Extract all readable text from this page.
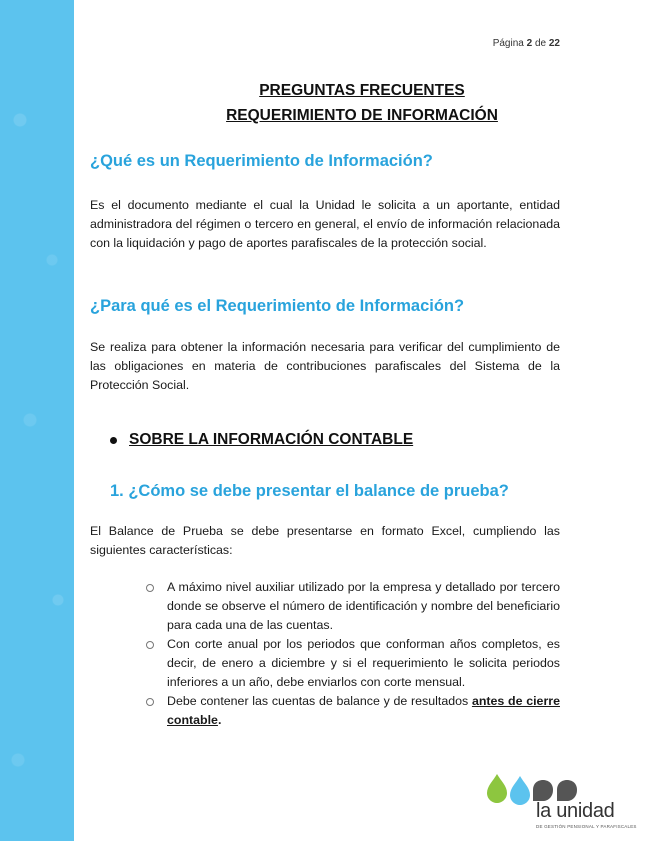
Página 2 de 22
PREGUNTAS FRECUENTES
REQUERIMIENTO DE INFORMACIÓN
¿Qué es un Requerimiento de Información?
Es el documento mediante el cual la Unidad le solicita a un aportante, entidad administradora del régimen o tercero en general, el envío de información relacionada con la liquidación y pago de aportes parafiscales de la protección social.
¿Para qué es el Requerimiento de Información?
Se realiza para obtener la información necesaria para verificar del cumplimiento de las obligaciones en materia de contribuciones parafiscales del Sistema de la Protección Social.
SOBRE LA INFORMACIÓN CONTABLE
1. ¿Cómo se debe presentar el balance de prueba?
El Balance de Prueba se debe presentarse en formato Excel, cumpliendo las siguientes características:
A máximo nivel auxiliar utilizado por la empresa y detallado por tercero donde se observe el número de identificación y nombre del beneficiario para cada una de las cuentas.
Con corte anual por los periodos que conforman años completos, es decir, de enero a diciembre y si el requerimiento le solicita periodos inferiores a un año, debe enviarlos con corte mensual.
Debe contener las cuentas de balance y de resultados antes de cierre contable.
la unidad
DE GESTIÓN PENSIONAL Y PARAFISCALES
